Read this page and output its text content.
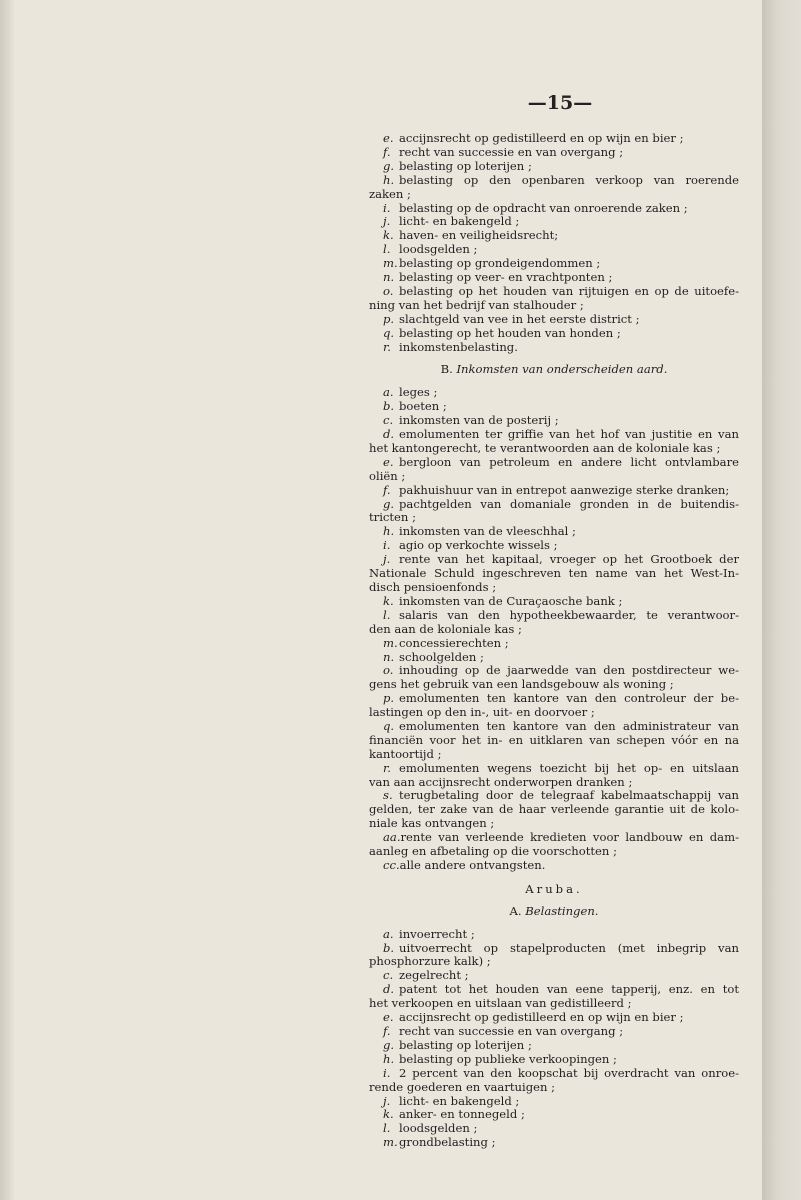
—15—
e. accijnsrecht op gedistilleerd en op wijn en bier ;
f. recht van successie en van overgang ;
g. belasting op loterijen ;
h. belasting op den openbaren verkoop van roerende
zaken ;
i. belasting op de opdracht van onroerende zaken ;
j. licht- en bakengeld ;
k. haven- en veiligheidsrecht;
l. loodsgelden ;
m.belasting op grondeigendommen ;
n. belasting op veer- en vrachtponten ;
o. belasting op het houden van rijtuigen en op de uitoefe-
ning van het bedrijf van stalhouder ;
p. slachtgeld van vee in het eerste district ;
q. belasting op het houden van honden ;
r. inkomstenbelasting.
B. Inkomsten van onderscheiden aard.
a. leges ;
b. boeten ;
c. inkomsten van de posterij ;
d. emolumenten ter griffie van het hof van justitie en van
het kantongerecht, te verantwoorden aan de koloniale kas ;
e. bergloon van petroleum en andere licht ontvlambare
oliën ;
f. pakhuishuur van in entrepot aanwezige sterke dranken;
g. pachtgelden van domaniale gronden in de buitendis-
tricten ;
h. inkomsten van de vleeschhal ;
i. agio op verkochte wissels ;
j. rente van het kapitaal, vroeger op het Grootboek der
Nationale Schuld ingeschreven ten name van het West-In-
disch pensioenfonds ;
k. inkomsten van de Curaçaosche bank ;
l. salaris van den hypotheekbewaarder, te verantwoor-
den aan de koloniale kas ;
m.concessierechten ;
n. schoolgelden ;
o. inhouding op de jaarwedde van den postdirecteur we-
gens het gebruik van een landsgebouw als woning ;
p. emolumenten ten kantore van den controleur der be-
lastingen op den in-, uit- en doorvoer ;
q. emolumenten ten kantore van den administrateur van
financiën voor het in- en uitklaren van schepen vóór en na
kantoortijd ;
r. emolumenten wegens toezicht bij het op- en uitslaan
van aan accijnsrecht onderworpen dranken ;
s. terugbetaling door de telegraaf kabelmaatschappij van
gelden, ter zake van de haar verleende garantie uit de kolo-
niale kas ontvangen ;
aa.rente van verleende kredieten voor landbouw en dam-
aanleg en afbetaling op die voorschotten ;
cc.alle andere ontvangsten.
Aruba.
A. Belastingen.
a. invoerrecht ;
b. uitvoerrecht op stapelproducten (met inbegrip van
phosphorzure kalk) ;
c. zegelrecht ;
d. patent tot het houden van eene tapperij, enz. en tot
het verkoopen en uitslaan van gedistilleerd ;
e. accijnsrecht op gedistilleerd en op wijn en bier ;
f. recht van successie en van overgang ;
g. belasting op loterijen ;
h. belasting op publieke verkoopingen ;
i. 2 percent van den koopschat bij overdracht van onroe-
rende goederen en vaartuigen ;
j. licht- en bakengeld ;
k. anker- en tonnegeld ;
l. loodsgelden ;
m.grondbelasting ;
